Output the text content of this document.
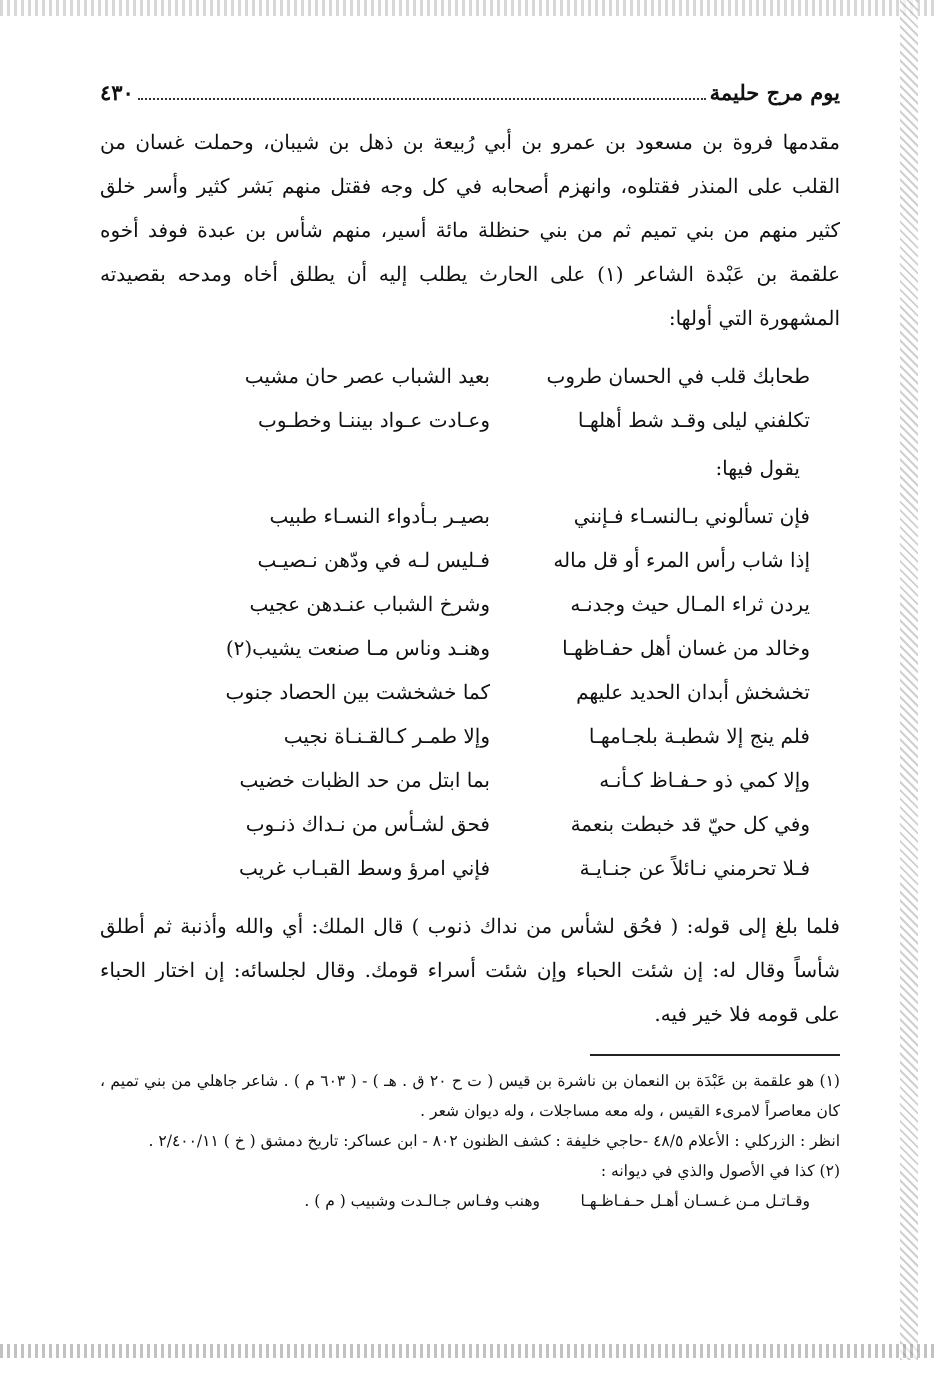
يوم مرج حليمة
٤٣٠

مقدمها فروة بن مسعود بن عمرو بن أبي رُبيعة بن ذهل بن شيبان، وحملت غسان من القلب على المنذر فقتلوه، وانهزم أصحابه في كل وجه فقتل منهم بَشر كثير وأسر خلق كثير منهم من بني تميم ثم من بني حنظلة مائة أسير، منهم شأس بن عبدة فوفد أخوه علقمة بن عَبْدة الشاعر (١) على الحارث يطلب إليه أن يطلق أخاه ومدحه بقصيدته المشهورة التي أولها:

طحابك قلب في الحسان طروب
بعيد الشباب عصر حان مشيب
تكلفني ليلى وقـد شط أهلهـا
وعـادت عـواد بيننـا وخطـوب
يقول فيها:
فإن تسألوني بـالنسـاء فـإنني
بصيـر بـأدواء النسـاء طبيب
إذا شاب رأس المرء أو قل ماله
فـليس لـه في ودّهن نـصيـب
يردن ثراء المـال حيث وجدنـه
وشرخ الشباب عنـدهن عجيب
وخالد من غسان أهل حفـاظهـا
وهنـد وناس مـا صنعت يشيب(٢)
تخشخش أبدان الحديد عليهم
كما خشخشت بين الحصاد جنوب
فلم ينج إلا شطبـة بلجـامهـا
وإلا طمـر كـالقـنـاة نجيب
وإلا كمي ذو حـفـاظ كـأنـه
بما ابتل من حد الظبات خضيب
وفي كل حيّ قد خبطت بنعمة
فحق لشـأس من نـداك ذنـوب
فـلا تحرمني نـائلاً عن جنـايـة
فإني امرؤ وسط القبـاب غريب

فلما بلغ إلى قوله: ( فحُق لشأس من نداك ذنوب ) قال الملك: أي والله وأذنبة ثم أطلق شأساً وقال له: إن شئت الحباء وإن شئت أسراء قومك. وقال لجلسائه: إن اختار الحباء على قومه فلا خير فيه.

(١) هو علقمة بن عَبْدَة بن النعمان بن ناشرة بن قيس ( ت ح ٢٠ ق . هـ ) - ( ٦٠٣ م ) . شاعر جاهلي من بني تميم ، كان معاصراً لامرىء القيس ، وله معه مساجلات ، وله ديوان شعر .

انظر : الزركلي : الأعلام ٤٨/٥ -حاجي خليفة : كشف الظنون ٨٠٢ - ابن عساكر: تاريخ دمشق ( خ ) ٢/٤٠٠/١١ .

(٢) كذا في الأصول والذي في ديوانه :

وقـاتـل مـن غـسـان أهـل حـفـاظـهـا
وهنب وفـاس جـالـدت وشبيب ( م ) .
